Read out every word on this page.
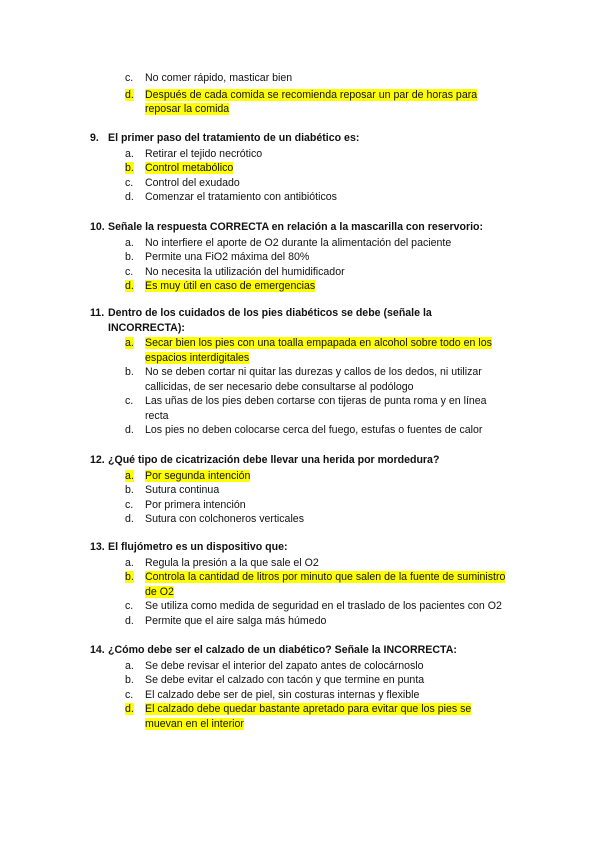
c.	No comer rápido, masticar bien
d.	Después de cada comida se recomienda reposar un par de horas para reposar la comida
9. El primer paso del tratamiento de un diabético es:
a.	Retirar el tejido necrótico
b.	Control metabólico
c.	Control del exudado
d.	Comenzar el tratamiento con antibióticos
10. Señale la respuesta CORRECTA en relación a la mascarilla con reservorio:
a.	No interfiere el aporte de O2 durante la alimentación del paciente
b.	Permite una FiO2 máxima del 80%
c.	No necesita la utilización del humidificador
d.	Es muy útil en caso de emergencias
11. Dentro de los cuidados de los pies diabéticos se debe (señale la INCORRECTA):
a.	Secar bien los pies con una toalla empapada en alcohol sobre todo en los espacios interdigitales
b.	No se deben cortar ni quitar las durezas y callos de los dedos, ni utilizar callicidas, de ser necesario debe consultarse al podólogo
c.	Las uñas de los pies deben cortarse con tijeras de punta roma y en línea recta
d.	Los pies no deben colocarse cerca del fuego, estufas o fuentes de calor
12. ¿Qué tipo de cicatrización debe llevar una herida por mordedura?
a.	Por segunda intención
b.	Sutura continua
c.	Por primera intención
d.	Sutura con colchoneros verticales
13. El flujómetro es un dispositivo que:
a.	Regula la presión a la que sale el O2
b.	Controla la cantidad de litros por minuto que salen de la fuente de suministro de O2
c.	Se utiliza como medida de seguridad en el traslado de los pacientes con O2
d.	Permite que el aire salga más húmedo
14. ¿Cómo debe ser el calzado de un diabético? Señale la INCORRECTA:
a.	Se debe revisar el interior del zapato antes de colocárnoslo
b.	Se debe evitar el calzado con tacón y que termine en punta
c.	El calzado debe ser de piel, sin costuras internas y flexible
d.	El calzado debe quedar bastante apretado para evitar que los pies se muevan en el interior
